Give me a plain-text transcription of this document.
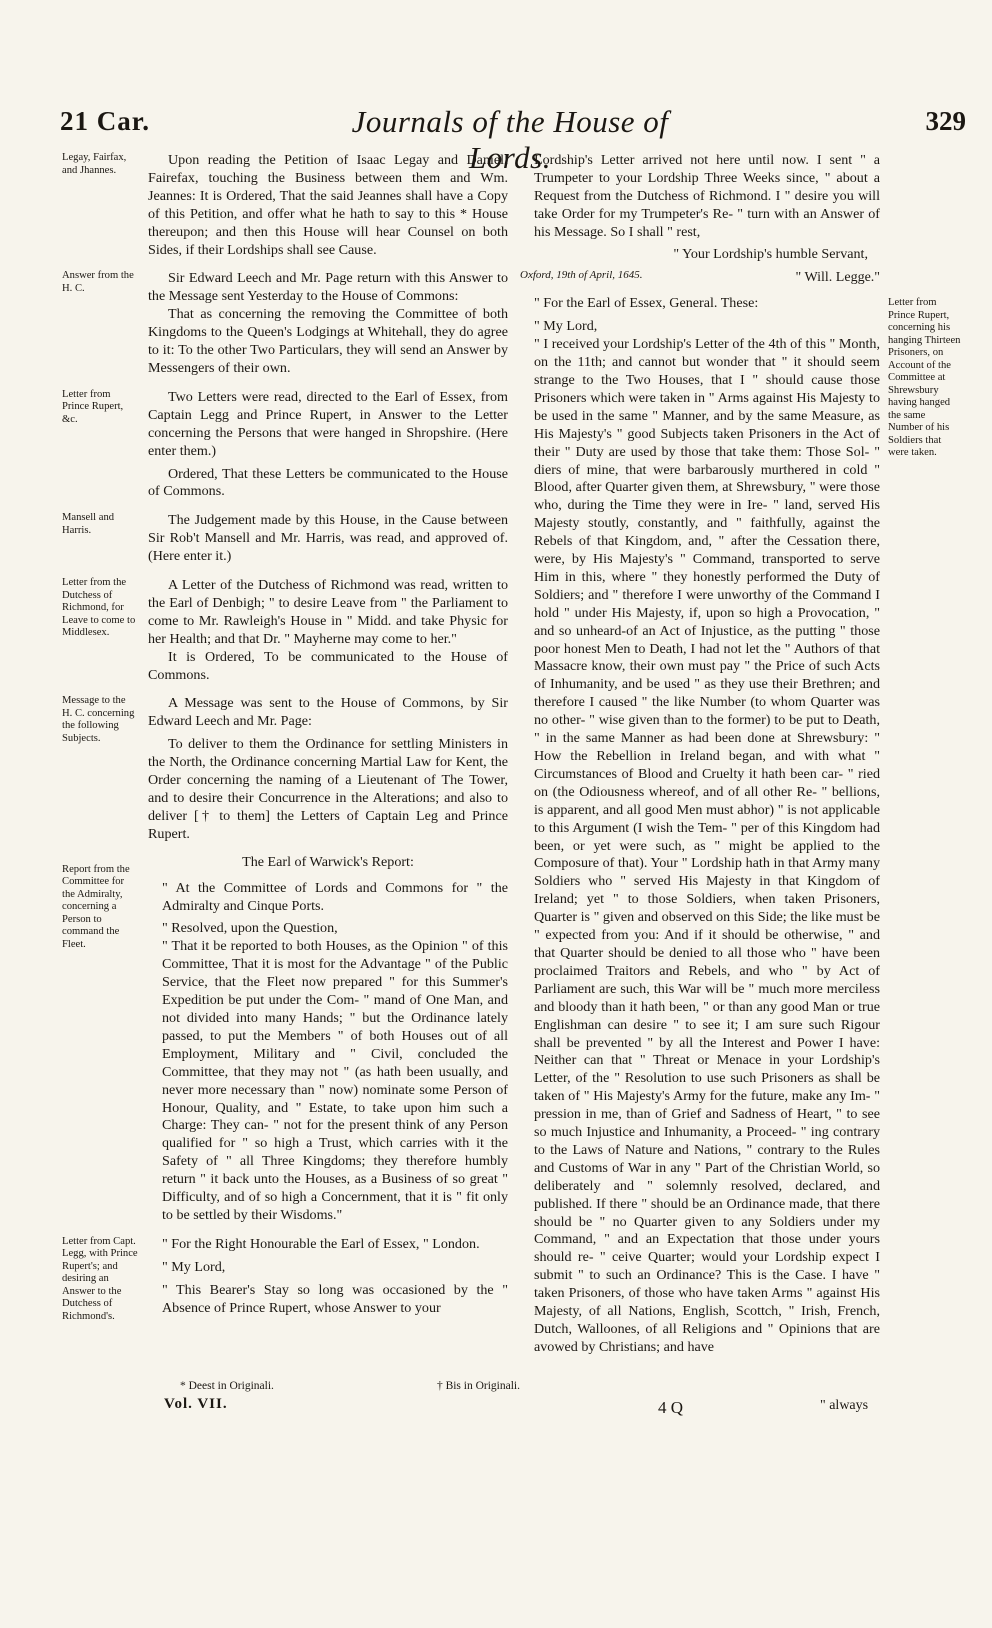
21 Car.	Journals of the House of Lords.
329
Legay, Fairfax, and Jhannes.

Upon reading the Petition of Isaac Legay and Daniell Fairefax, touching the Business between them and Wm. Jeannes: It is Ordered, That the said Jeannes shall have a Copy of this Petition, and offer what he hath to say to this * House thereupon; and then this House will hear Counsel on both Sides, if their Lordships shall see Cause.

Answer from the H. C.

Sir Edward Leech and Mr. Page return with this Answer to the Message sent Yesterday to the House of Commons:

That as concerning the removing the Committee of both Kingdoms to the Queen's Lodgings at Whitehall, they do agree to it: To the other Two Particulars, they will send an Answer by Messengers of their own.

Letter from Prince Rupert, &c.

Two Letters were read, directed to the Earl of Essex, from Captain Legg and Prince Rupert, in Answer to the Letter concerning the Persons that were hanged in Shropshire. (Here enter them.)

Ordered, That these Letters be communicated to the House of Commons.

Mansell and Harris.

The Judgement made by this House, in the Cause between Sir Rob't Mansell and Mr. Harris, was read, and approved of. (Here enter it.)

Letter from the Dutchess of Richmond, for Leave to come to Middlesex.

A Letter of the Dutchess of Richmond was read, written to the Earl of Denbigh; " to desire Leave from " the Parliament to come to Mr. Rawleigh's House in " Midd. and take Physic for her Health; and that Dr. " Mayherne may come to her."

It is Ordered, To be communicated to the House of Commons.

Message to the H. C. concerning the following Subjects.

A Message was sent to the House of Commons, by Sir Edward Leech and Mr. Page:

To deliver to them the Ordinance for settling Ministers in the North, the Ordinance concerning Martial Law for Kent, the Order concerning the naming of a Lieutenant of The Tower, and to desire their Concurrence in the Alterations; and also to deliver [† to them] the Letters of Captain Leg and Prince Rupert.

Report from the Committee for the Admiralty, concerning a Person to command the Fleet.

The Earl of Warwick's Report:

" At the Committee of Lords and Commons for " the Admiralty and Cinque Ports.

" Resolved, upon the Question,

" That it be reported to both Houses, as the Opinion " of this Committee, That it is most for the Advantage " of the Public Service, that the Fleet now prepared " for this Summer's Expedition be put under the Com- " mand of One Man, and not divided into many Hands; " but the Ordinance lately passed, to put the Members " of both Houses out of all Employment, Military and " Civil, concluded the Committee, that they may not " (as hath been usually, and never more necessary than " now) nominate some Person of Honour, Quality, and " Estate, to take upon him such a Charge: They can- " not for the present think of any Person qualified for " so high a Trust, which carries with it the Safety of " all Three Kingdoms; they therefore humbly return " it back unto the Houses, as a Business of so great " Difficulty, and of so high a Concernment, that it is " fit only to be settled by their Wisdoms."

Letter from Capt. Legg, with Prince Rupert's; and desiring an Answer to the Dutchess of Richmond's.

" For the Right Honourable the Earl of Essex, " London.

" My Lord,

" This Bearer's Stay so long was occasioned by the " Absence of Prince Rupert, whose Answer to your

* Deest in Originali.	† Bis in Originali.
Vol. VII.

Lordship's Letter arrived not here until now. I sent " a Trumpeter to your Lordship Three Weeks since, " about a Request from the Dutchess of Richmond. I " desire you will take Order for my Trumpeter's Re- " turn with an Answer of his Message. So I shall " rest,

" Your Lordship's humble Servant,
Oxford, 19th of April, 1645.	" Will. Legge."
Letter from Prince Rupert, concerning his hanging Thirteen Prisoners, on Account of the Committee at Shrewsbury having hanged the same Number of his Soldiers that were taken.

" For the Earl of Essex, General. These:

" My Lord,

" I received your Lordship's Letter of the 4th of this " Month, on the 11th; and cannot but wonder that " it should seem strange to the Two Houses, that I " should cause those Prisoners which were taken in " Arms against His Majesty to be used in the same " Manner, and by the same Measure, as His Majesty's " good Subjects taken Prisoners in the Act of their " Duty are used by those that take them: Those Sol- " diers of mine, that were barbarously murthered in cold " Blood, after Quarter given them, at Shrewsbury, " were those who, during the Time they were in Ire- " land, served His Majesty stoutly, constantly, and " faithfully, against the Rebels of that Kingdom, and, " after the Cessation there, were, by His Majesty's " Command, transported to serve Him in this, where " they honestly performed the Duty of Soldiers; and " therefore I were unworthy of the Command I hold " under His Majesty, if, upon so high a Provocation, " and so unheard-of an Act of Injustice, as the putting " those poor honest Men to Death, I had not let the " Authors of that Massacre know, their own must pay " the Price of such Acts of Inhumanity, and be used " as they use their Brethren; and therefore I caused " the like Number (to whom Quarter was no other- " wise given than to the former) to be put to Death, " in the same Manner as had been done at Shrewsbury: " How the Rebellion in Ireland began, and with what " Circumstances of Blood and Cruelty it hath been car- " ried on (the Odiousness whereof, and of all other Re- " bellions, is apparent, and all good Men must abhor) " is not applicable to this Argument (I wish the Tem- " per of this Kingdom had been, or yet were such, as " might be applied to the Composure of that). Your " Lordship hath in that Army many Soldiers who " served His Majesty in that Kingdom of Ireland; yet " to those Soldiers, when taken Prisoners, Quarter is " given and observed on this Side; the like must be " expected from you: And if it should be otherwise, " and that Quarter should be denied to all those who " have been proclaimed Traitors and Rebels, and who " by Act of Parliament are such, this War will be " much more merciless and bloody than it hath been, " or than any good Man or true Englishman can desire " to see it; I am sure such Rigour shall be prevented " by all the Interest and Power I have: Neither can that " Threat or Menace in your Lordship's Letter, of the " Resolution to use such Prisoners as shall be taken of " His Majesty's Army for the future, make any Im- " pression in me, than of Grief and Sadness of Heart, " to see so much Injustice and Inhumanity, a Proceed- " ing contrary to the Laws of Nature and Nations, " contrary to the Rules and Customs of War in any " Part of the Christian World, so deliberately and " solemnly resolved, declared, and published. If there " should be an Ordinance made, that there should be " no Quarter given to any Soldiers under my Command, " and an Expectation that those under yours should re- " ceive Quarter; would your Lordship expect I submit " to such an Ordinance? This is the Case. I have " taken Prisoners, of those who have taken Arms " against His Majesty, of all Nations, English, Scottch, " Irish, French, Dutch, Walloones, of all Religions and " Opinions that are avowed by Christians; and have

4 Q	" always
